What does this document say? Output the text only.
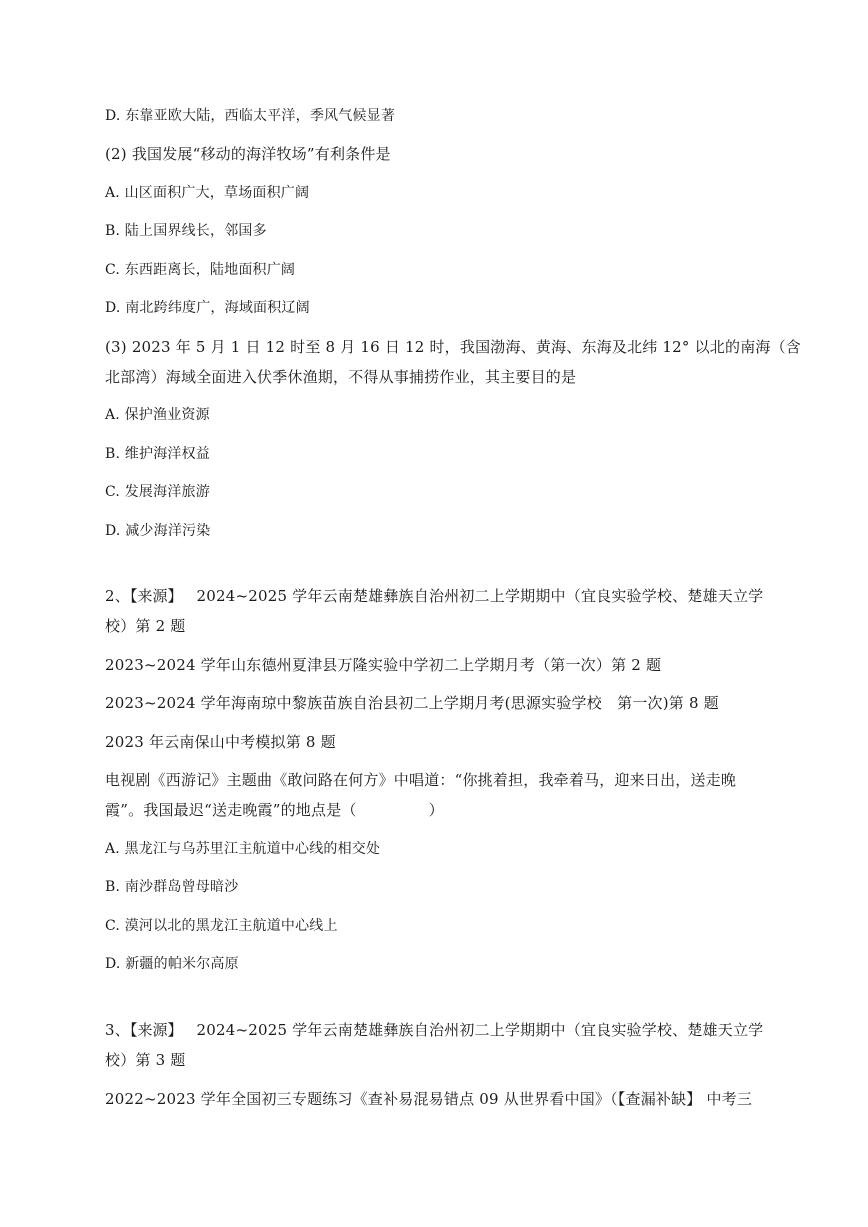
D. 东靠亚欧大陆，西临太平洋，季风气候显著
(2) 我国发展“移动的海洋牧场”有利条件是
A. 山区面积广大，草场面积广阔
B. 陆上国界线长，邻国多
C. 东西距离长，陆地面积广阔
D. 南北跨纬度广，海域面积辽阔
(3) 2023 年 5 月 1 日 12 时至 8 月 16 日 12 时，我国渤海、黄海、东海及北纬 12° 以北的南海（含
北部湾）海域全面进入伏季休渔期，不得从事捕捞作业，其主要目的是
A. 保护渔业资源
B. 维护海洋权益
C. 发展海洋旅游
D. 减少海洋污染
2、【来源】 2024~2025 学年云南楚雄彝族自治州初二上学期期中（宜良实验学校、楚雄天立学
校）第 2 题
2023~2024 学年山东德州夏津县万隆实验中学初二上学期月考（第一次）第 2 题
2023~2024 学年海南琼中黎族苗族自治县初二上学期月考(思源实验学校　第一次)第 8 题
2023 年云南保山中考模拟第 8 题
电视剧《西游记》主题曲《敢问路在何方》中唱道：“你挑着担，我牵着马，迎来日出，送走晚
霞”。我国最迟“送走晚霞”的地点是（	）
A. 黑龙江与乌苏里江主航道中心线的相交处
B. 南沙群岛曾母暗沙
C. 漠河以北的黑龙江主航道中心线上
D. 新疆的帕米尔高原
3、【来源】 2024~2025 学年云南楚雄彝族自治州初二上学期期中（宜良实验学校、楚雄天立学
校）第 3 题
2022~2023 学年全国初三专题练习《查补易混易错点 09 从世界看中国》（【查漏补缺】 中考三
